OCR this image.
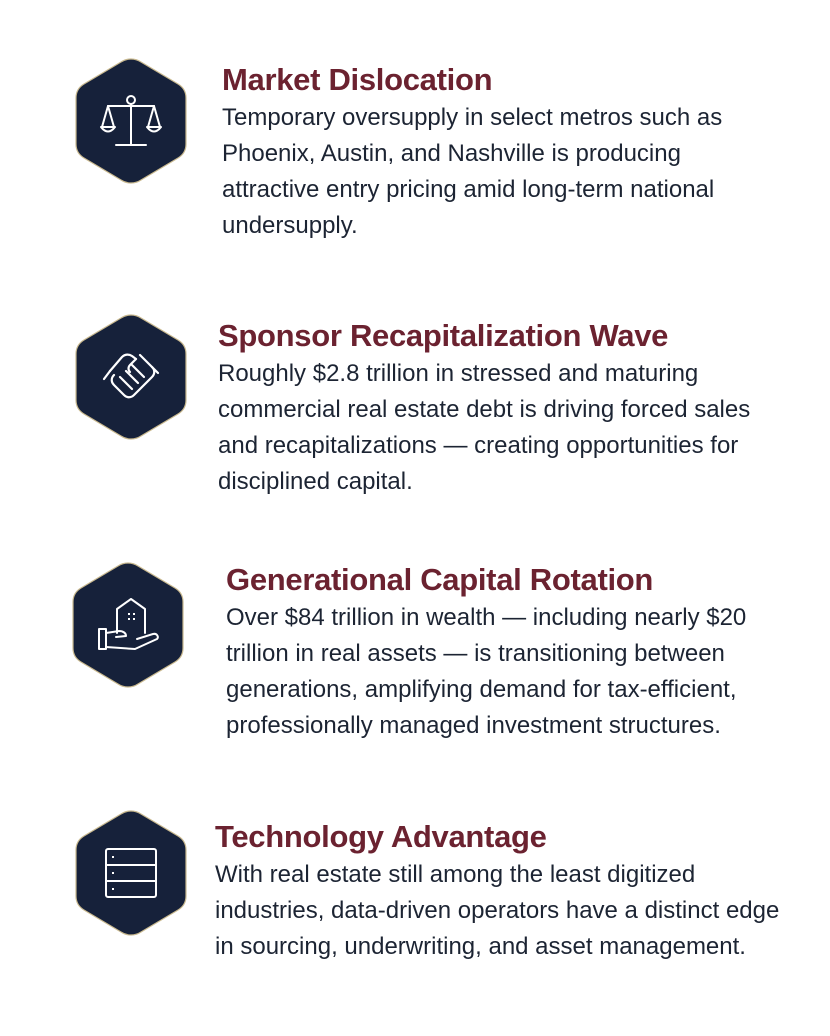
Market Dislocation

Temporary oversupply in select metros such as Phoenix, Austin, and Nashville is producing attractive entry pricing amid long-term national undersupply.

Sponsor Recapitalization Wave

Roughly $2.8 trillion in stressed and maturing commercial real estate debt is driving forced sales and recapitalizations — creating opportunities for disciplined capital.

Generational Capital Rotation

Over $84 trillion in wealth — including nearly $20 trillion in real assets — is transitioning between generations, amplifying demand for tax-efficient, professionally managed investment structures.

Technology Advantage

With real estate still among the least digitized industries, data-driven operators have a distinct edge in sourcing, underwriting, and asset management.
